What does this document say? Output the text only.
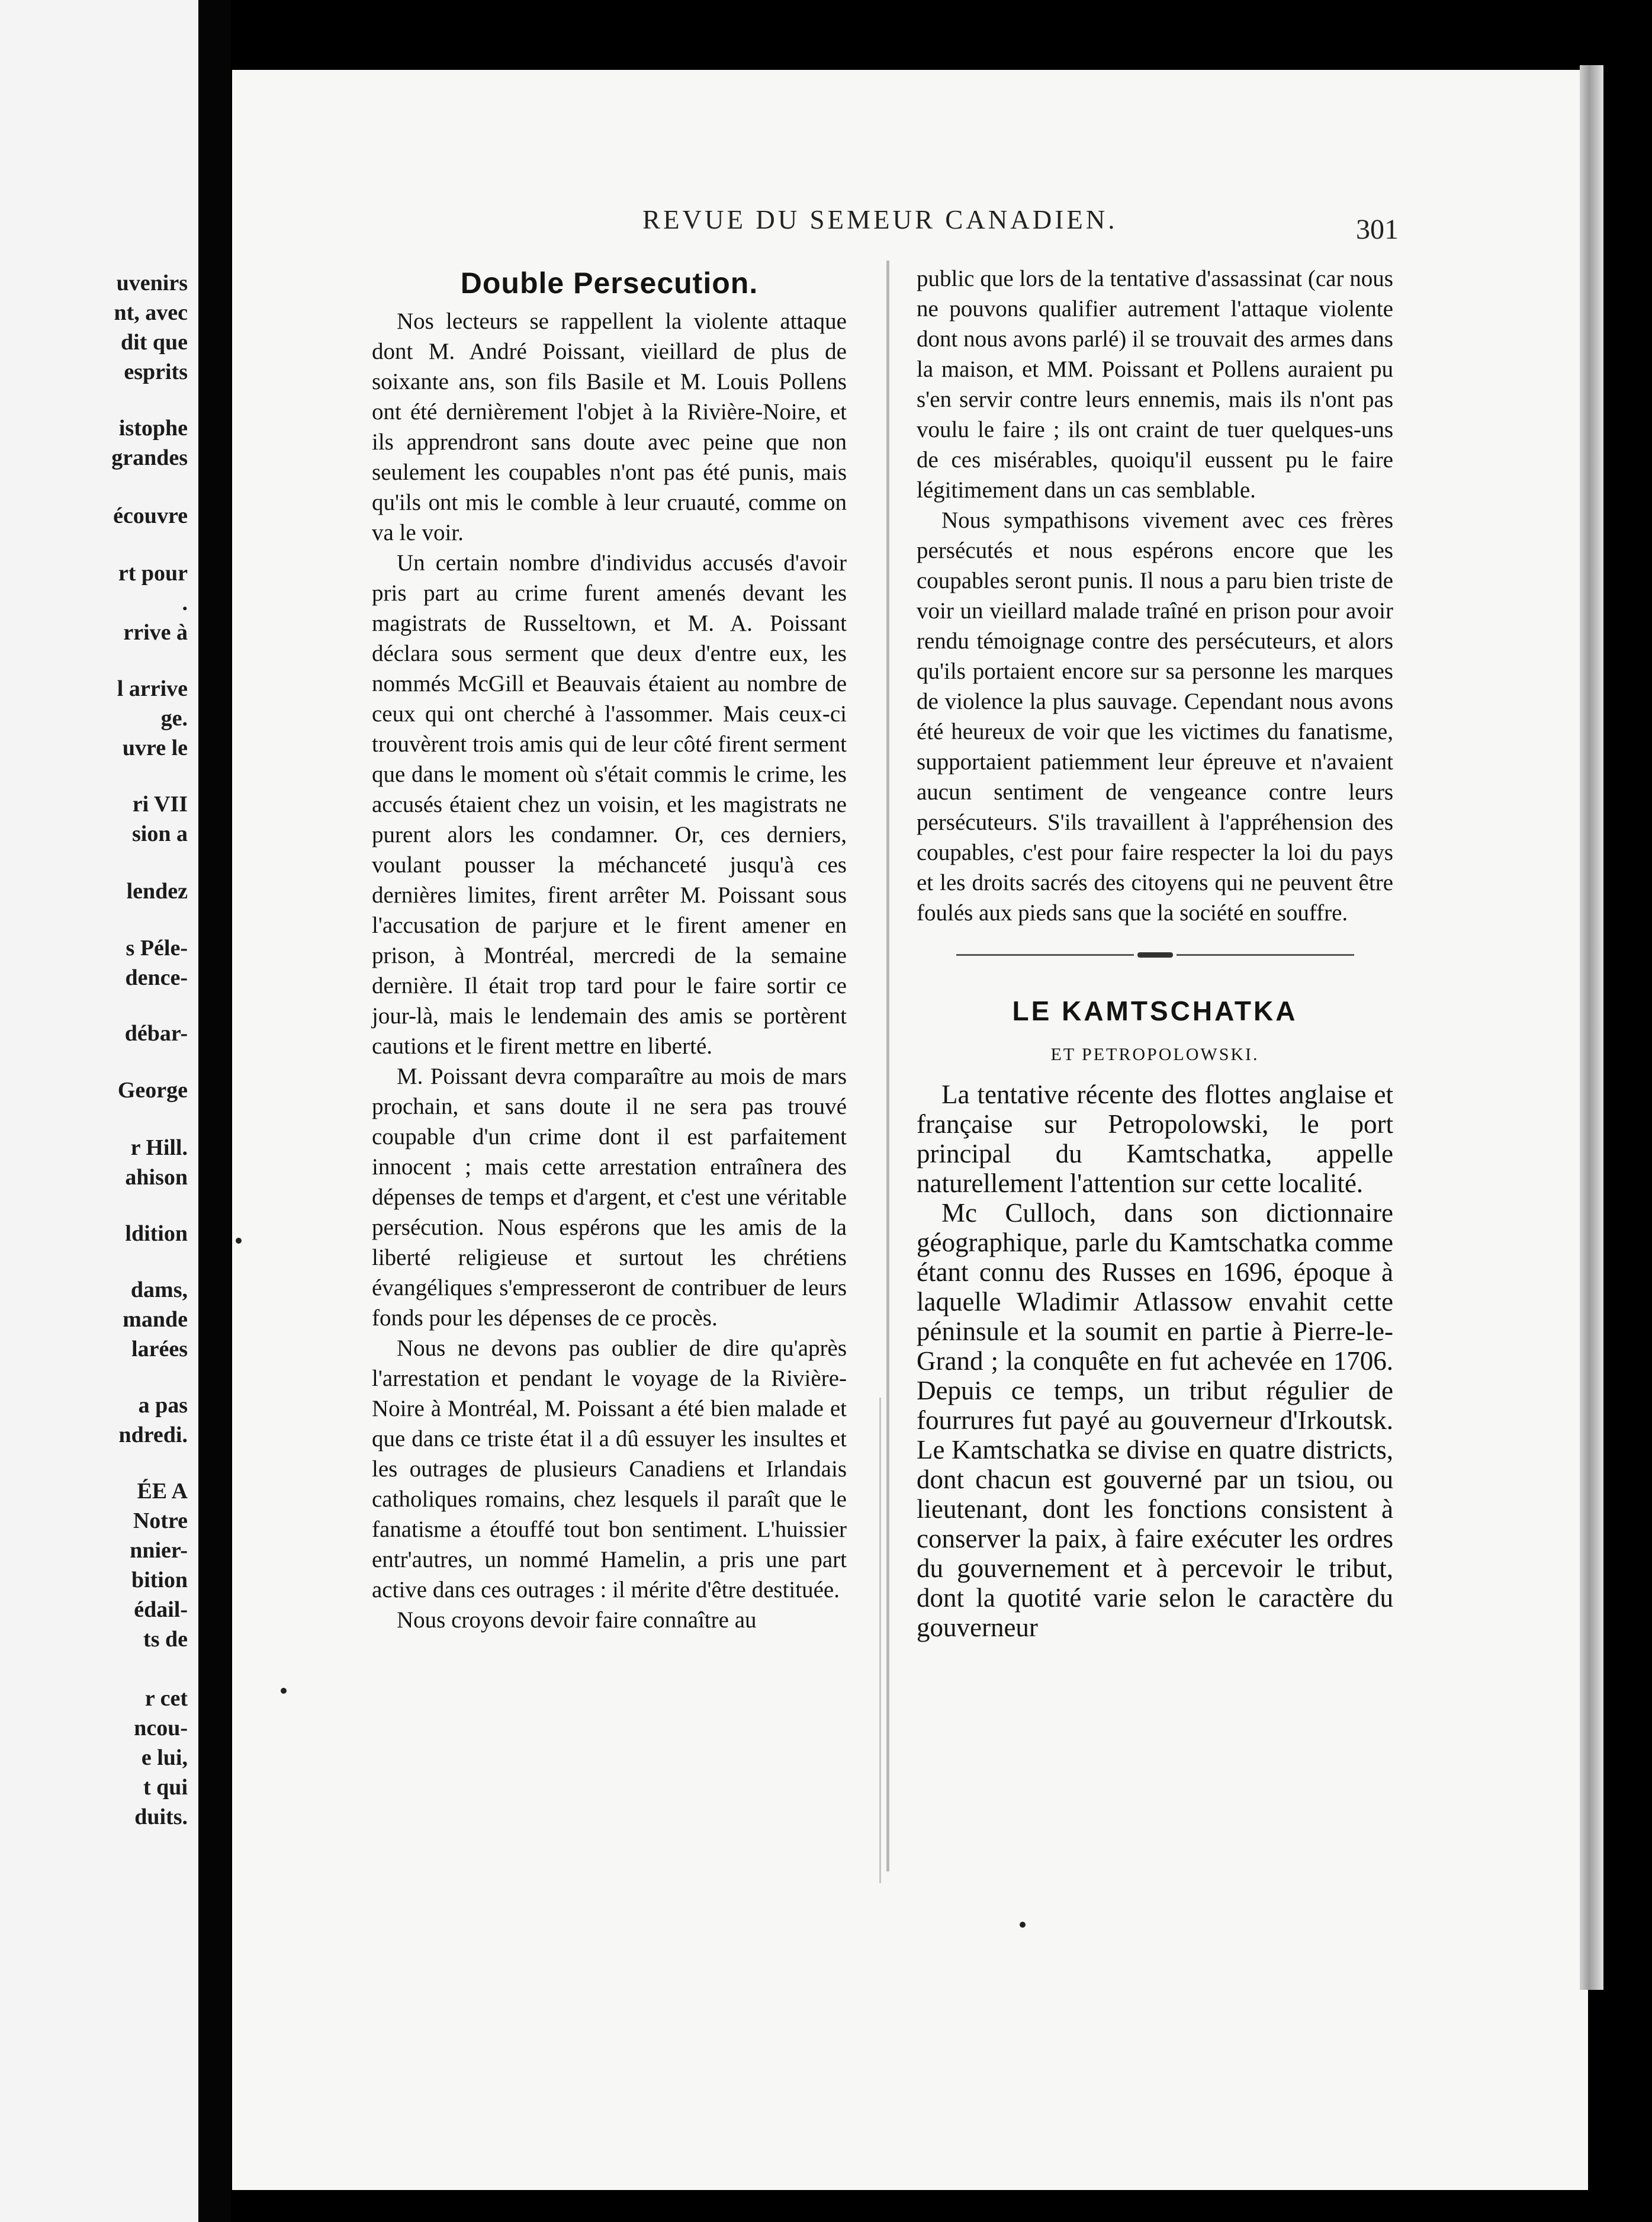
uvenirs
nt, avec
dit que
esprits
istophe
grandes
écouvre
rt pour
.
rrive à
l arrive
ge.
uvre le
ri VII
sion a
lendez
s Péle-
dence-
débar-
George
r Hill.
ahison
ldition
dams,
mande
larées
a pas
ndredi.
ÉE A
Notre
nnier-
bition
édail-
ts de
r cet
ncou-
e lui,
t qui
duits.
REVUE DU SEMEUR CANADIEN.	301
Double Persecution.

Nos lecteurs se rappellent la violente attaque dont M. André Poissant, vieillard de plus de soixante ans, son fils Basile et M. Louis Pollens ont été dernièrement l'objet à la Rivière-Noire, et ils apprendront sans doute avec peine que non seulement les coupables n'ont pas été punis, mais qu'ils ont mis le comble à leur cruauté, comme on va le voir.

Un certain nombre d'individus accusés d'avoir pris part au crime furent amenés devant les magistrats de Russeltown, et M. A. Poissant déclara sous serment que deux d'entre eux, les nommés McGill et Beauvais étaient au nombre de ceux qui ont cherché à l'assommer. Mais ceux-ci trouvèrent trois amis qui de leur côté firent serment que dans le moment où s'était commis le crime, les accusés étaient chez un voisin, et les magistrats ne purent alors les condamner. Or, ces derniers, voulant pousser la méchanceté jusqu'à ces dernières limites, firent arrêter M. Poissant sous l'accusation de parjure et le firent amener en prison, à Montréal, mercredi de la semaine dernière. Il était trop tard pour le faire sortir ce jour-là, mais le lendemain des amis se portèrent cautions et le firent mettre en liberté.

M. Poissant devra comparaître au mois de mars prochain, et sans doute il ne sera pas trouvé coupable d'un crime dont il est parfaitement innocent ; mais cette arrestation entraînera des dépenses de temps et d'argent, et c'est une véritable persécution. Nous espérons que les amis de la liberté religieuse et surtout les chrétiens évangéliques s'empresseront de contribuer de leurs fonds pour les dépenses de ce procès.

Nous ne devons pas oublier de dire qu'après l'arrestation et pendant le voyage de la Rivière-Noire à Montréal, M. Poissant a été bien malade et que dans ce triste état il a dû essuyer les insultes et les outrages de plusieurs Canadiens et Irlandais catholiques romains, chez lesquels il paraît que le fanatisme a étouffé tout bon sentiment. L'huissier entr'autres, un nommé Hamelin, a pris une part active dans ces outrages : il mérite d'être destituée.

Nous croyons devoir faire connaître au

public que lors de la tentative d'assassinat (car nous ne pouvons qualifier autrement l'attaque violente dont nous avons parlé) il se trouvait des armes dans la maison, et MM. Poissant et Pollens auraient pu s'en servir contre leurs ennemis, mais ils n'ont pas voulu le faire ; ils ont craint de tuer quelques-uns de ces misérables, quoiqu'il eussent pu le faire légitimement dans un cas semblable.

Nous sympathisons vivement avec ces frères persécutés et nous espérons encore que les coupables seront punis. Il nous a paru bien triste de voir un vieillard malade traîné en prison pour avoir rendu témoignage contre des persécuteurs, et alors qu'ils portaient encore sur sa personne les marques de violence la plus sauvage. Cependant nous avons été heureux de voir que les victimes du fanatisme, supportaient patiemment leur épreuve et n'avaient aucun sentiment de vengeance contre leurs persécuteurs. S'ils travaillent à l'appréhension des coupables, c'est pour faire respecter la loi du pays et les droits sacrés des citoyens qui ne peuvent être foulés aux pieds sans que la société en souffre.

LE KAMTSCHATKA
ET PETROPOLOWSKI.

La tentative récente des flottes anglaise et française sur Petropolowski, le port principal du Kamtschatka, appelle naturellement l'attention sur cette localité.

Mc Culloch, dans son dictionnaire géographique, parle du Kamtschatka comme étant connu des Russes en 1696, époque à laquelle Wladimir Atlassow envahit cette péninsule et la soumit en partie à Pierre-le-Grand ; la conquête en fut achevée en 1706. Depuis ce temps, un tribut régulier de fourrures fut payé au gouverneur d'Irkoutsk. Le Kamtschatka se divise en quatre districts, dont chacun est gouverné par un tsiou, ou lieutenant, dont les fonctions consistent à conserver la paix, à faire exécuter les ordres du gouvernement et à percevoir le tribut, dont la quotité varie selon le caractère du gouverneur
